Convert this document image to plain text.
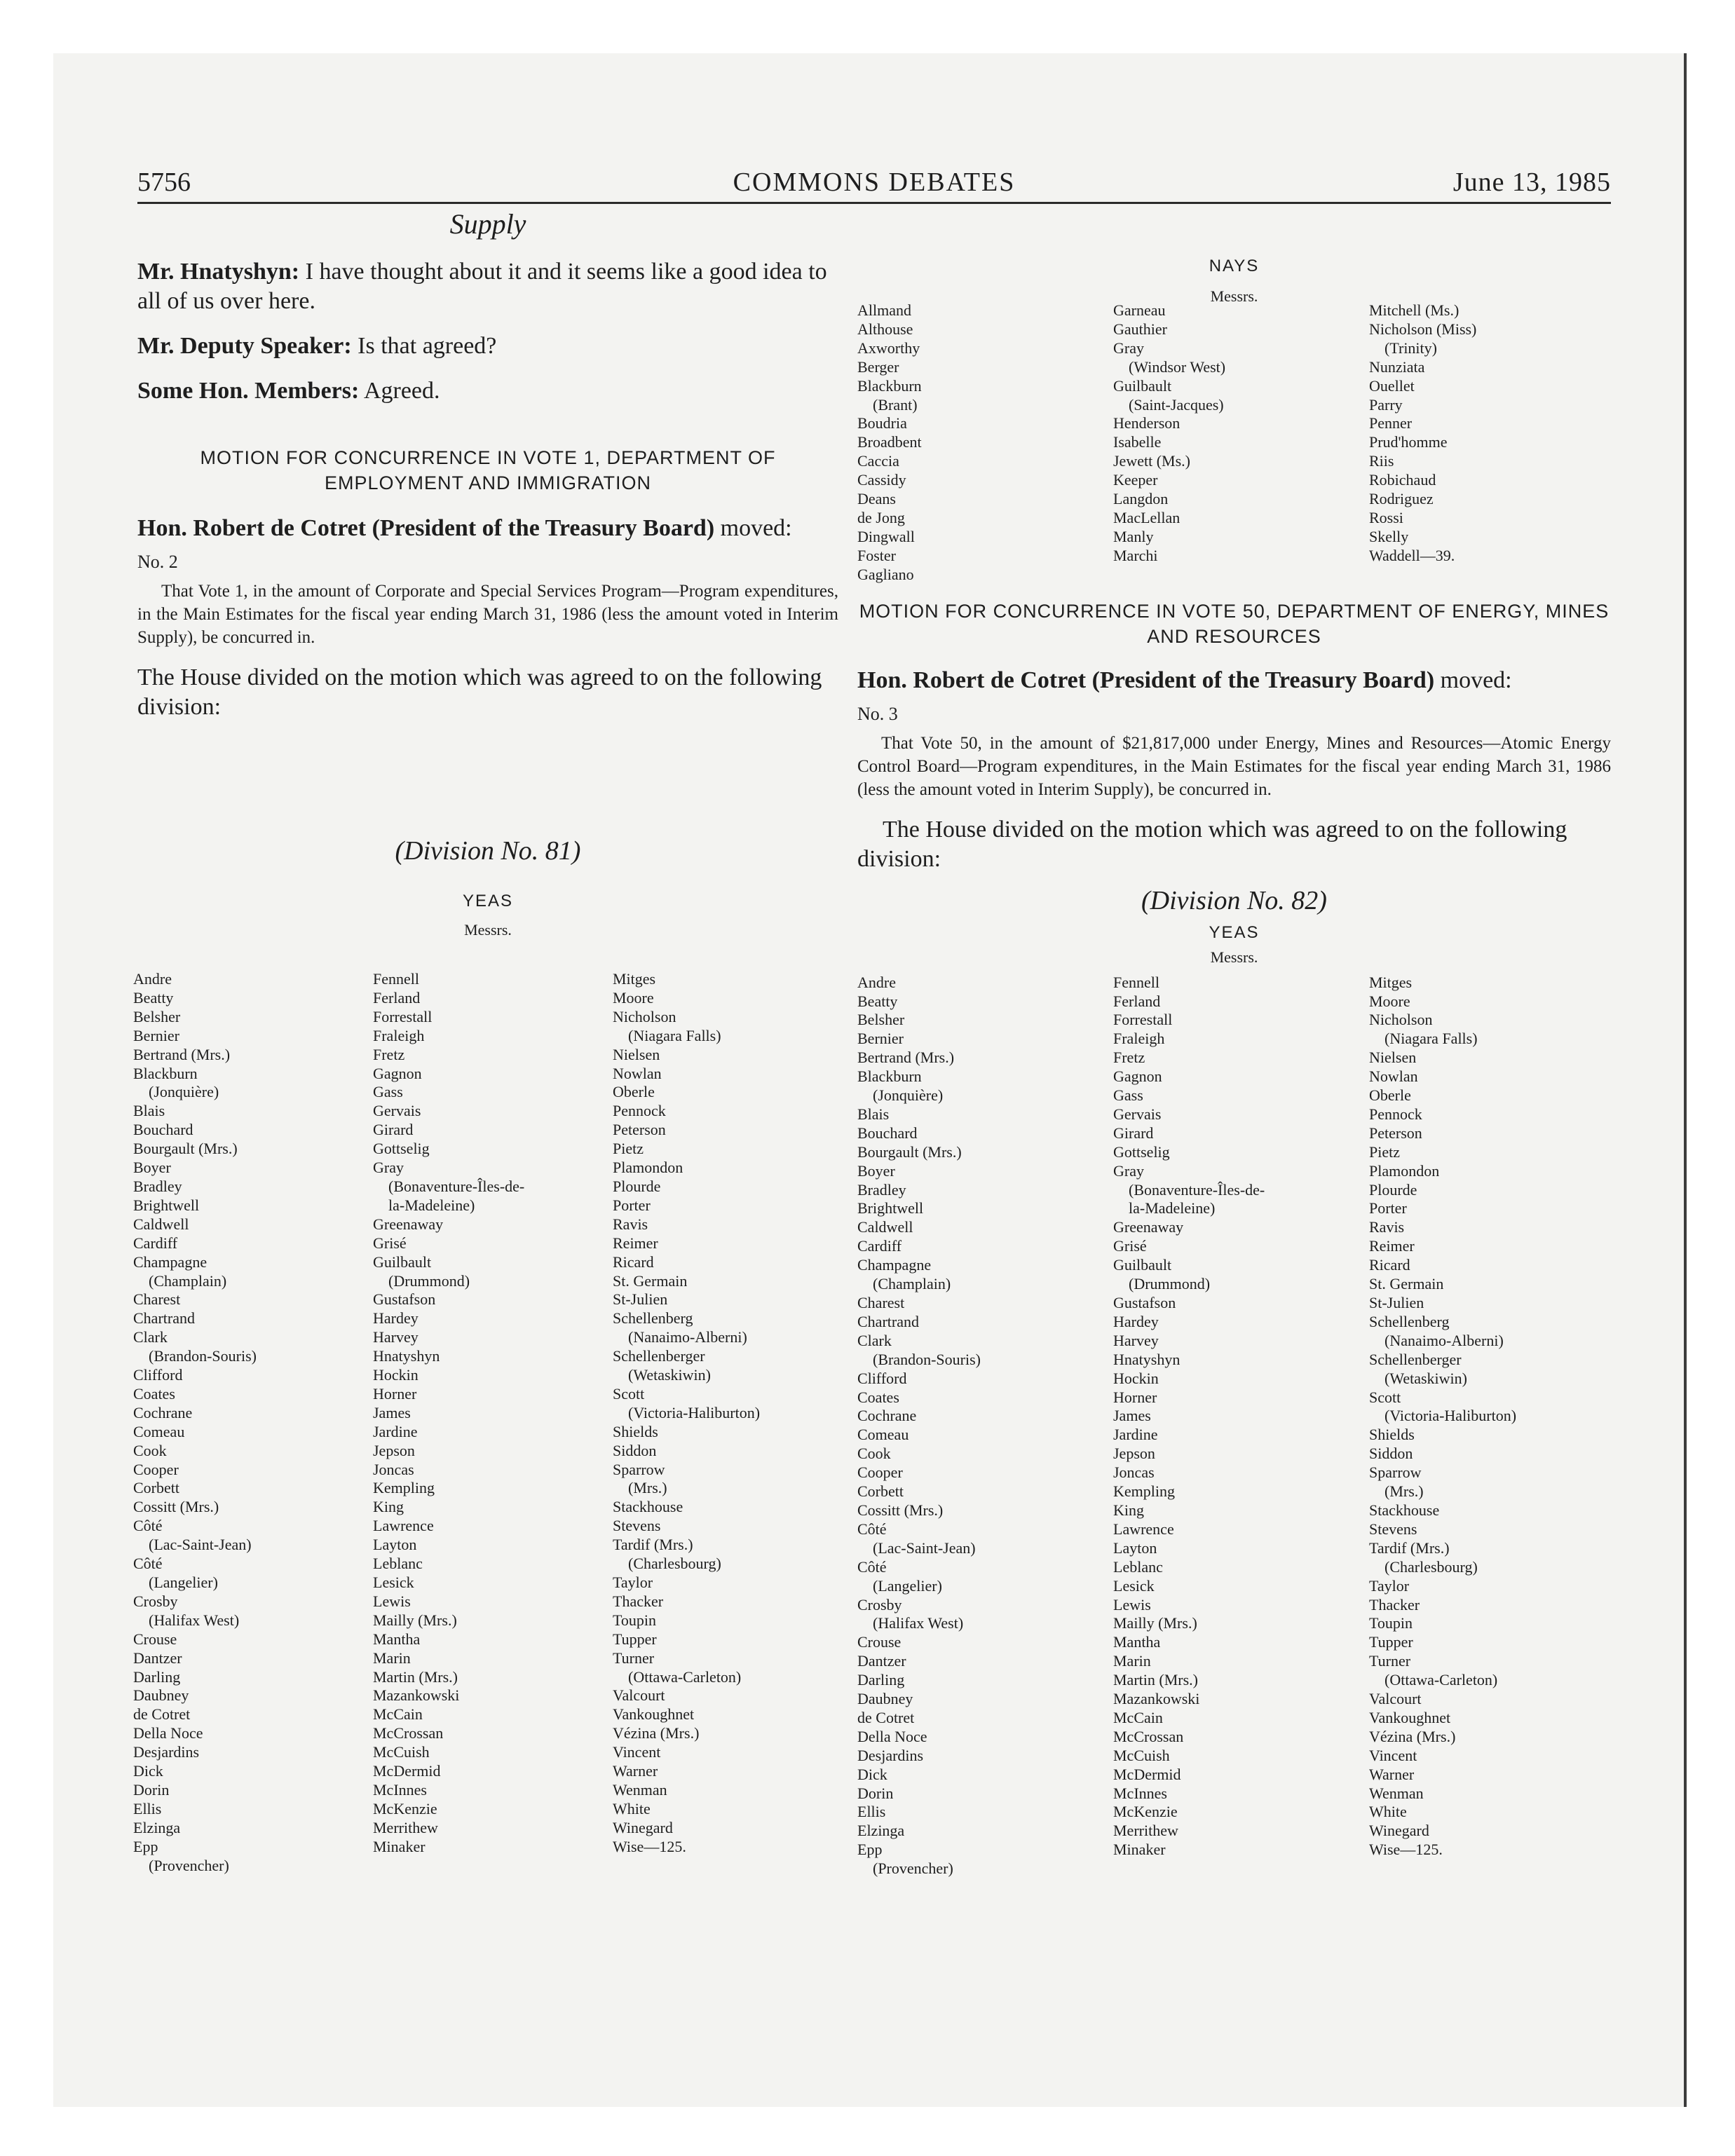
5756	COMMONS DEBATES	June 13, 1985

Supply

Mr. Hnatyshyn: I have thought about it and it seems like a good idea to all of us over here.

Mr. Deputy Speaker: Is that agreed?

Some Hon. Members: Agreed.

MOTION FOR CONCURRENCE IN VOTE 1, DEPARTMENT OF EMPLOYMENT AND IMMIGRATION

Hon. Robert de Cotret (President of the Treasury Board) moved:

No. 2

That Vote 1, in the amount of Corporate and Special Services Program—Program expenditures, in the Main Estimates for the fiscal year ending March 31, 1986 (less the amount voted in Interim Supply), be concurred in.

The House divided on the motion which was agreed to on the following division:

(Division No. 81)

YEAS

Messrs.

Andre
Beatty
Belsher
Bernier
Bertrand (Mrs.)
Blackburn
(Jonquière)
Blais
Bouchard
Bourgault (Mrs.)
Boyer
Bradley
Brightwell
Caldwell
Cardiff
Champagne
(Champlain)
Charest
Chartrand
Clark
(Brandon-Souris)
Clifford
Coates
Cochrane
Comeau
Cook
Cooper
Corbett
Cossitt (Mrs.)
Côté
(Lac-Saint-Jean)
Côté
(Langelier)
Crosby
(Halifax West)
Crouse
Dantzer
Darling
Daubney
de Cotret
Della Noce
Desjardins
Dick
Dorin
Ellis
Elzinga
Epp
(Provencher)
Fennell
Ferland
Forrestall
Fraleigh
Fretz
Gagnon
Gass
Gervais
Girard
Gottselig
Gray
(Bonaventure-Îles-de-
la-Madeleine)
Greenaway
Grisé
Guilbault
(Drummond)
Gustafson
Hardey
Harvey
Hnatyshyn
Hockin
Horner
James
Jardine
Jepson
Joncas
Kempling
King
Lawrence
Layton
Leblanc
Lesick
Lewis
Mailly (Mrs.)
Mantha
Marin
Martin (Mrs.)
Mazankowski
McCain
McCrossan
McCuish
McDermid
McInnes
McKenzie
Merrithew
Minaker
Mitges
Moore
Nicholson
(Niagara Falls)
Nielsen
Nowlan
Oberle
Pennock
Peterson
Pietz
Plamondon
Plourde
Porter
Ravis
Reimer
Ricard
St. Germain
St-Julien
Schellenberg
(Nanaimo-Alberni)
Schellenberger
(Wetaskiwin)
Scott
(Victoria-Haliburton)
Shields
Siddon
Sparrow
(Mrs.)
Stackhouse
Stevens
Tardif (Mrs.)
(Charlesbourg)
Taylor
Thacker
Toupin
Tupper
Turner
(Ottawa-Carleton)
Valcourt
Vankoughnet
Vézina (Mrs.)
Vincent
Warner
Wenman
White
Winegard
Wise—125.

NAYS

Messrs.

Allmand
Althouse
Axworthy
Berger
Blackburn
(Brant)
Boudria
Broadbent
Caccia
Cassidy
Deans
de Jong
Dingwall
Foster
Gagliano
Garneau
Gauthier
Gray
(Windsor West)
Guilbault
(Saint-Jacques)
Henderson
Isabelle
Jewett (Ms.)
Keeper
Langdon
MacLellan
Manly
Marchi
Mitchell (Ms.)
Nicholson (Miss)
(Trinity)
Nunziata
Ouellet
Parry
Penner
Prud'homme
Riis
Robichaud
Rodriguez
Rossi
Skelly
Waddell—39.

MOTION FOR CONCURRENCE IN VOTE 50, DEPARTMENT OF ENERGY, MINES AND RESOURCES

Hon. Robert de Cotret (President of the Treasury Board) moved:

No. 3

That Vote 50, in the amount of $21,817,000 under Energy, Mines and Resources—Atomic Energy Control Board—Program expenditures, in the Main Estimates for the fiscal year ending March 31, 1986 (less the amount voted in Interim Supply), be concurred in.

The House divided on the motion which was agreed to on the following division:

(Division No. 82)

YEAS

Messrs.

Andre
Beatty
Belsher
Bernier
Bertrand (Mrs.)
Blackburn
(Jonquière)
Blais
Bouchard
Bourgault (Mrs.)
Boyer
Bradley
Brightwell
Caldwell
Cardiff
Champagne
(Champlain)
Charest
Chartrand
Clark
(Brandon-Souris)
Clifford
Coates
Cochrane
Comeau
Cook
Cooper
Corbett
Cossitt (Mrs.)
Côté
(Lac-Saint-Jean)
Côté
(Langelier)
Crosby
(Halifax West)
Crouse
Dantzer
Darling
Daubney
de Cotret
Della Noce
Desjardins
Dick
Dorin
Ellis
Elzinga
Epp
(Provencher)
Fennell
Ferland
Forrestall
Fraleigh
Fretz
Gagnon
Gass
Gervais
Girard
Gottselig
Gray
(Bonaventure-Îles-de-
la-Madeleine)
Greenaway
Grisé
Guilbault
(Drummond)
Gustafson
Hardey
Harvey
Hnatyshyn
Hockin
Horner
James
Jardine
Jepson
Joncas
Kempling
King
Lawrence
Layton
Leblanc
Lesick
Lewis
Mailly (Mrs.)
Mantha
Marin
Martin (Mrs.)
Mazankowski
McCain
McCrossan
McCuish
McDermid
McInnes
McKenzie
Merrithew
Minaker
Mitges
Moore
Nicholson
(Niagara Falls)
Nielsen
Nowlan
Oberle
Pennock
Peterson
Pietz
Plamondon
Plourde
Porter
Ravis
Reimer
Ricard
St. Germain
St-Julien
Schellenberg
(Nanaimo-Alberni)
Schellenberger
(Wetaskiwin)
Scott
(Victoria-Haliburton)
Shields
Siddon
Sparrow
(Mrs.)
Stackhouse
Stevens
Tardif (Mrs.)
(Charlesbourg)
Taylor
Thacker
Toupin
Tupper
Turner
(Ottawa-Carleton)
Valcourt
Vankoughnet
Vézina (Mrs.)
Vincent
Warner
Wenman
White
Winegard
Wise—125.
